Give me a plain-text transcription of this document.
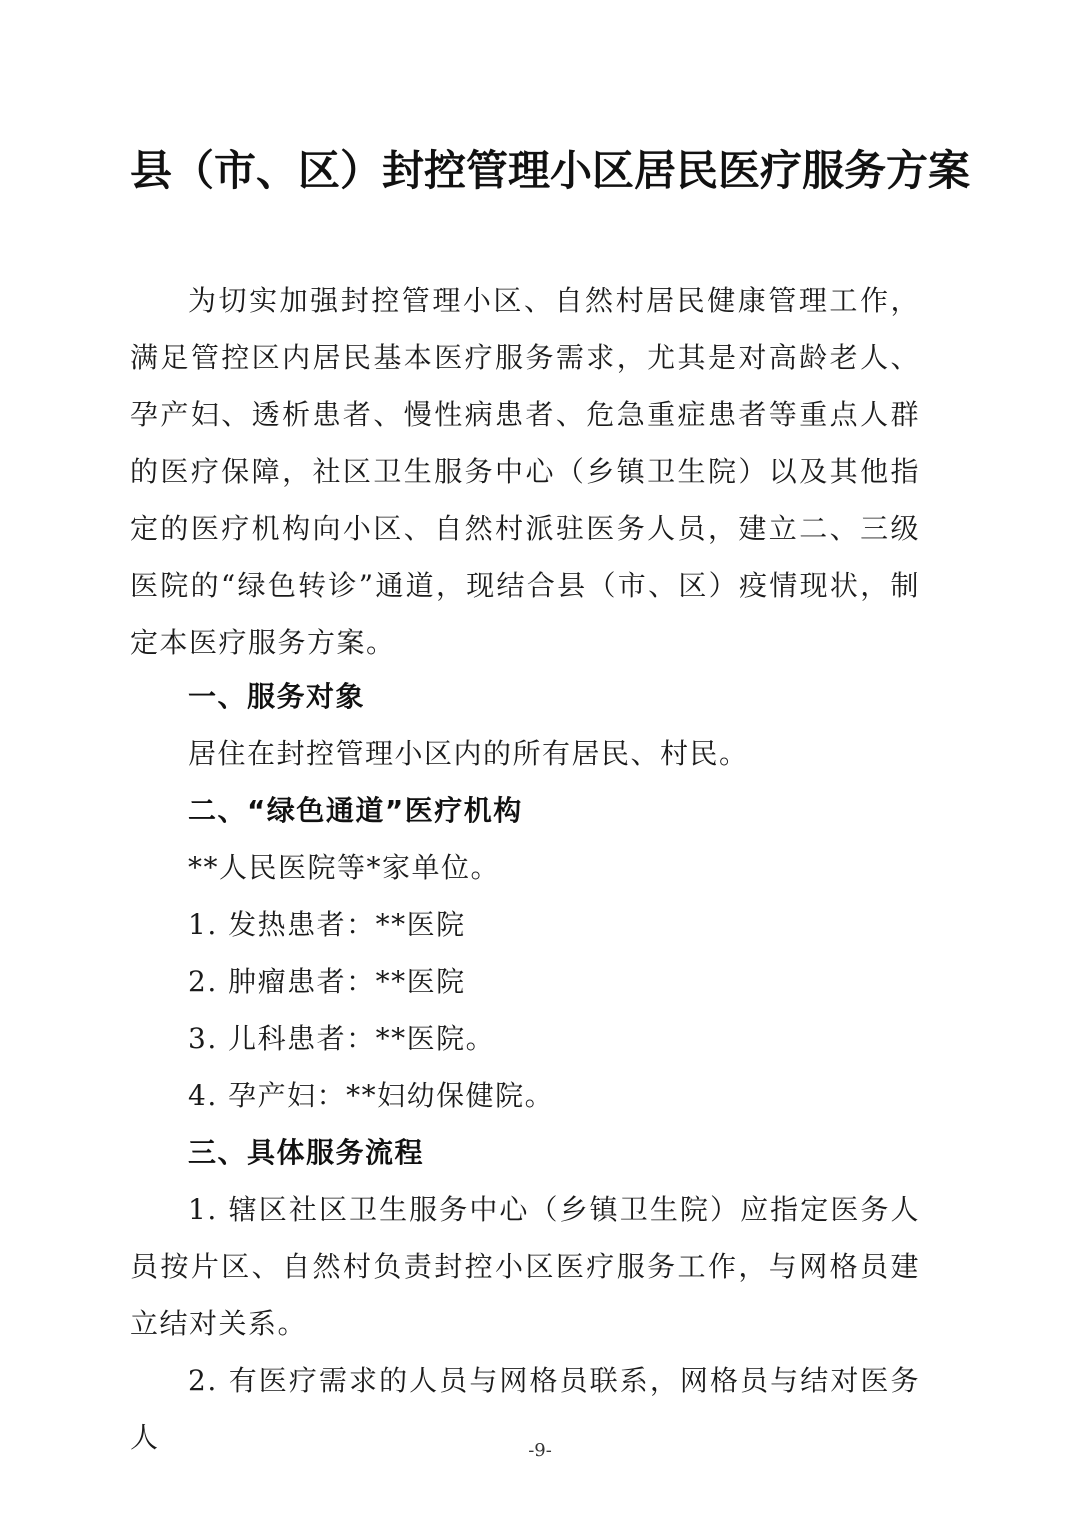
县（市、区）封控管理小区居民医疗服务方案

为切实加强封控管理小区、自然村居民健康管理工作，满足管控区内居民基本医疗服务需求，尤其是对高龄老人、孕产妇、透析患者、慢性病患者、危急重症患者等重点人群的医疗保障，社区卫生服务中心（乡镇卫生院）以及其他指定的医疗机构向小区、自然村派驻医务人员，建立二、三级医院的“绿色转诊”通道，现结合县（市、区）疫情现状，制定本医疗服务方案。

一、服务对象
居住在封控管理小区内的所有居民、村民。
二、“绿色通道”医疗机构
**人民医院等*家单位。
1. 发热患者：**医院
2. 肿瘤患者：**医院
3. 儿科患者：**医院。
4. 孕产妇：**妇幼保健院。
三、具体服务流程

1. 辖区社区卫生服务中心（乡镇卫生院）应指定医务人员按片区、自然村负责封控小区医疗服务工作，与网格员建立结对关系。

2. 有医疗需求的人员与网格员联系，网格员与结对医务人	-9-
